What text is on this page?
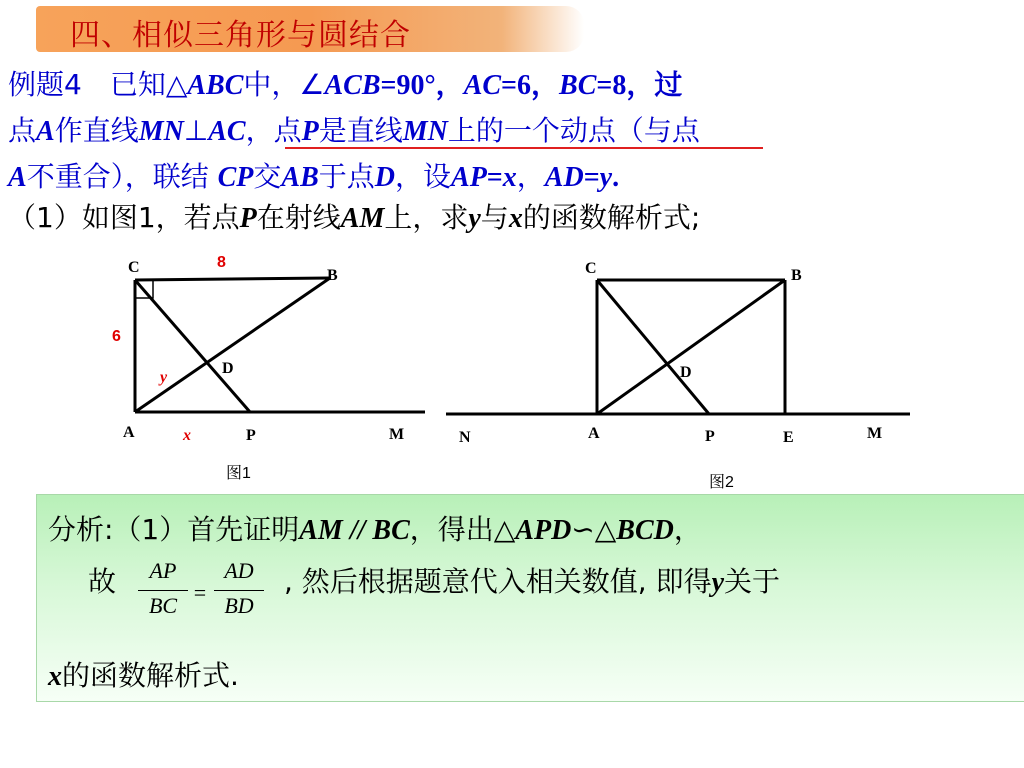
四、相似三角形与圆结合
例题4　已知△ABC中，∠ACB=90°，AC=6，BC=8，过
点A作直线MN⊥AC，点P是直线MN上的一个动点（与点
A不重合），联结 CP交AB于点D，设AP=x，AD=y.
（1）如图1，若点P在射线AM上，求y与x的函数解析式;
C	B
A	P	M
D
8
6
y
x
图1
C	B
A	P	M
D
N	E
图2
分析:（1）首先证明AM // BC，得出△APD∽△BCD，
故	AP
BC
=
AD
BD
, 然后根据题意代入相关数值, 即得y关于
x的函数解析式.
